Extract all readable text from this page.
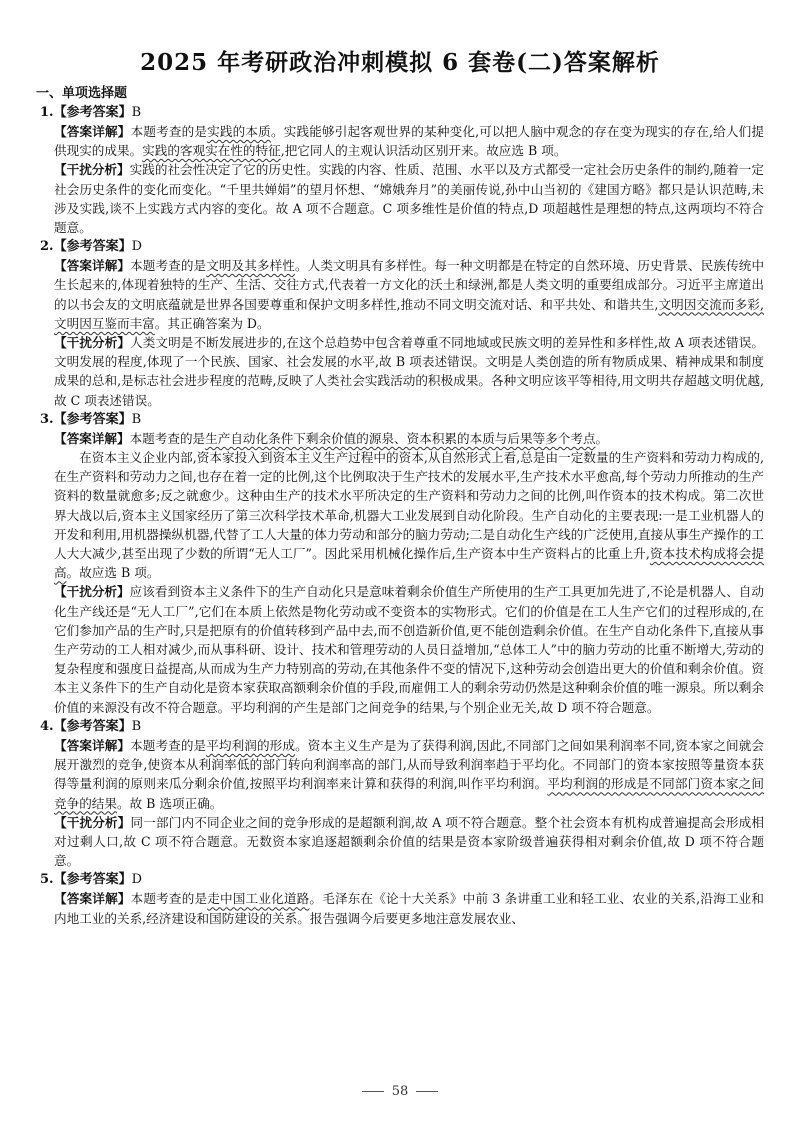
2025 年考研政治冲刺模拟 6 套卷(二)答案解析

一、单项选择题

1.【参考答案】B

【答案详解】本题考查的是实践的本质。实践能够引起客观世界的某种变化,可以把人脑中观念的存在变为现实的存在,给人们提供现实的成果。实践的客观实在性的特征,把它同人的主观认识活动区别开来。故应选 B 项。

【干扰分析】实践的社会性决定了它的历史性。实践的内容、性质、范围、水平以及方式都受一定社会历史条件的制约,随着一定社会历史条件的变化而变化。“千里共婵娟”的望月怀想、“嫦娥奔月”的美丽传说,孙中山当初的《建国方略》都只是认识范畴,未涉及实践,谈不上实践方式内容的变化。故 A 项不合题意。C 项多维性是价值的特点,D 项超越性是理想的特点,这两项均不符合题意。

2.【参考答案】D

【答案详解】本题考查的是文明及其多样性。人类文明具有多样性。每一种文明都是在特定的自然环境、历史背景、民族传统中生长起来的,体现着独特的生产、生活、交往方式,代表着一方文化的沃土和绿洲,都是人类文明的重要组成部分。习近平主席道出的以书会友的文明底蕴就是世界各国要尊重和保护文明多样性,推动不同文明交流对话、和平共处、和谐共生,文明因交流而多彩,文明因互鉴而丰富。其正确答案为 D。

【干扰分析】人类文明是不断发展进步的,在这个总趋势中包含着尊重不同地域或民族文明的差异性和多样性,故 A 项表述错误。文明发展的程度,体现了一个民族、国家、社会发展的水平,故 B 项表述错误。文明是人类创造的所有物质成果、精神成果和制度成果的总和,是标志社会进步程度的范畴,反映了人类社会实践活动的积极成果。各种文明应该平等相待,用文明共存超越文明优越,故 C 项表述错误。

3.【参考答案】B

【答案详解】本题考查的是生产自动化条件下剩余价值的源泉、资本积累的本质与后果等多个考点。

在资本主义企业内部,资本家投入到资本主义生产过程中的资本,从自然形式上看,总是由一定数量的生产资料和劳动力构成的,在生产资料和劳动力之间,也存在着一定的比例,这个比例取决于生产技术的发展水平,生产技术水平愈高,每个劳动力所推动的生产资料的数量就愈多;反之就愈少。这种由生产的技术水平所决定的生产资料和劳动力之间的比例,叫作资本的技术构成。第二次世界大战以后,资本主义国家经历了第三次科学技术革命,机器大工业发展到自动化阶段。生产自动化的主要表现:一是工业机器人的开发和利用,用机器操纵机器,代替了工人大量的体力劳动和部分的脑力劳动;二是自动化生产线的广泛使用,直接从事生产操作的工人大大减少,甚至出现了少数的所谓“无人工厂”。因此采用机械化操作后,生产资本中生产资料占的比重上升,资本技术构成将会提高。故应选 B 项。

【干扰分析】应该看到资本主义条件下的生产自动化只是意味着剩余价值生产所使用的生产工具更加先进了,不论是机器人、自动化生产线还是“无人工厂”,它们在本质上依然是物化劳动或不变资本的实物形式。它们的价值是在工人生产它们的过程形成的,在它们参加产品的生产时,只是把原有的价值转移到产品中去,而不创造新价值,更不能创造剩余价值。在生产自动化条件下,直接从事生产劳动的工人相对减少,而从事科研、设计、技术和管理劳动的人员日益增加,“总体工人”中的脑力劳动的比重不断增大,劳动的复杂程度和强度日益提高,从而成为生产力特别高的劳动,在其他条件不变的情况下,这种劳动会创造出更大的价值和剩余价值。资本主义条件下的生产自动化是资本家获取高额剩余价值的手段,而雇佣工人的剩余劳动仍然是这种剩余价值的唯一源泉。所以剩余价值的来源没有改不符合题意。平均利润的产生是部门之间竞争的结果,与个别企业无关,故 D 项不符合题意。

4.【参考答案】B

【答案详解】本题考查的是平均利润的形成。资本主义生产是为了获得利润,因此,不同部门之间如果利润率不同,资本家之间就会展开激烈的竞争,使资本从利润率低的部门转向利润率高的部门,从而导致利润率趋于平均化。不同部门的资本家按照等量资本获得等量利润的原则来瓜分剩余价值,按照平均利润率来计算和获得的利润,叫作平均利润。平均利润的形成是不同部门资本家之间竞争的结果。故 B 选项正确。

【干扰分析】同一部门内不同企业之间的竞争形成的是超额利润,故 A 项不符合题意。整个社会资本有机构成普遍提高会形成相对过剩人口,故 C 项不符合题意。无数资本家追逐超额剩余价值的结果是资本家阶级普遍获得相对剩余价值,故 D 项不符合题意。

5.【参考答案】D

【答案详解】本题考查的是走中国工业化道路。毛泽东在《论十大关系》中前 3 条讲重工业和轻工业、农业的关系,沿海工业和内地工业的关系,经济建设和国防建设的关系。报告强调今后要更多地注意发展农业、

58
